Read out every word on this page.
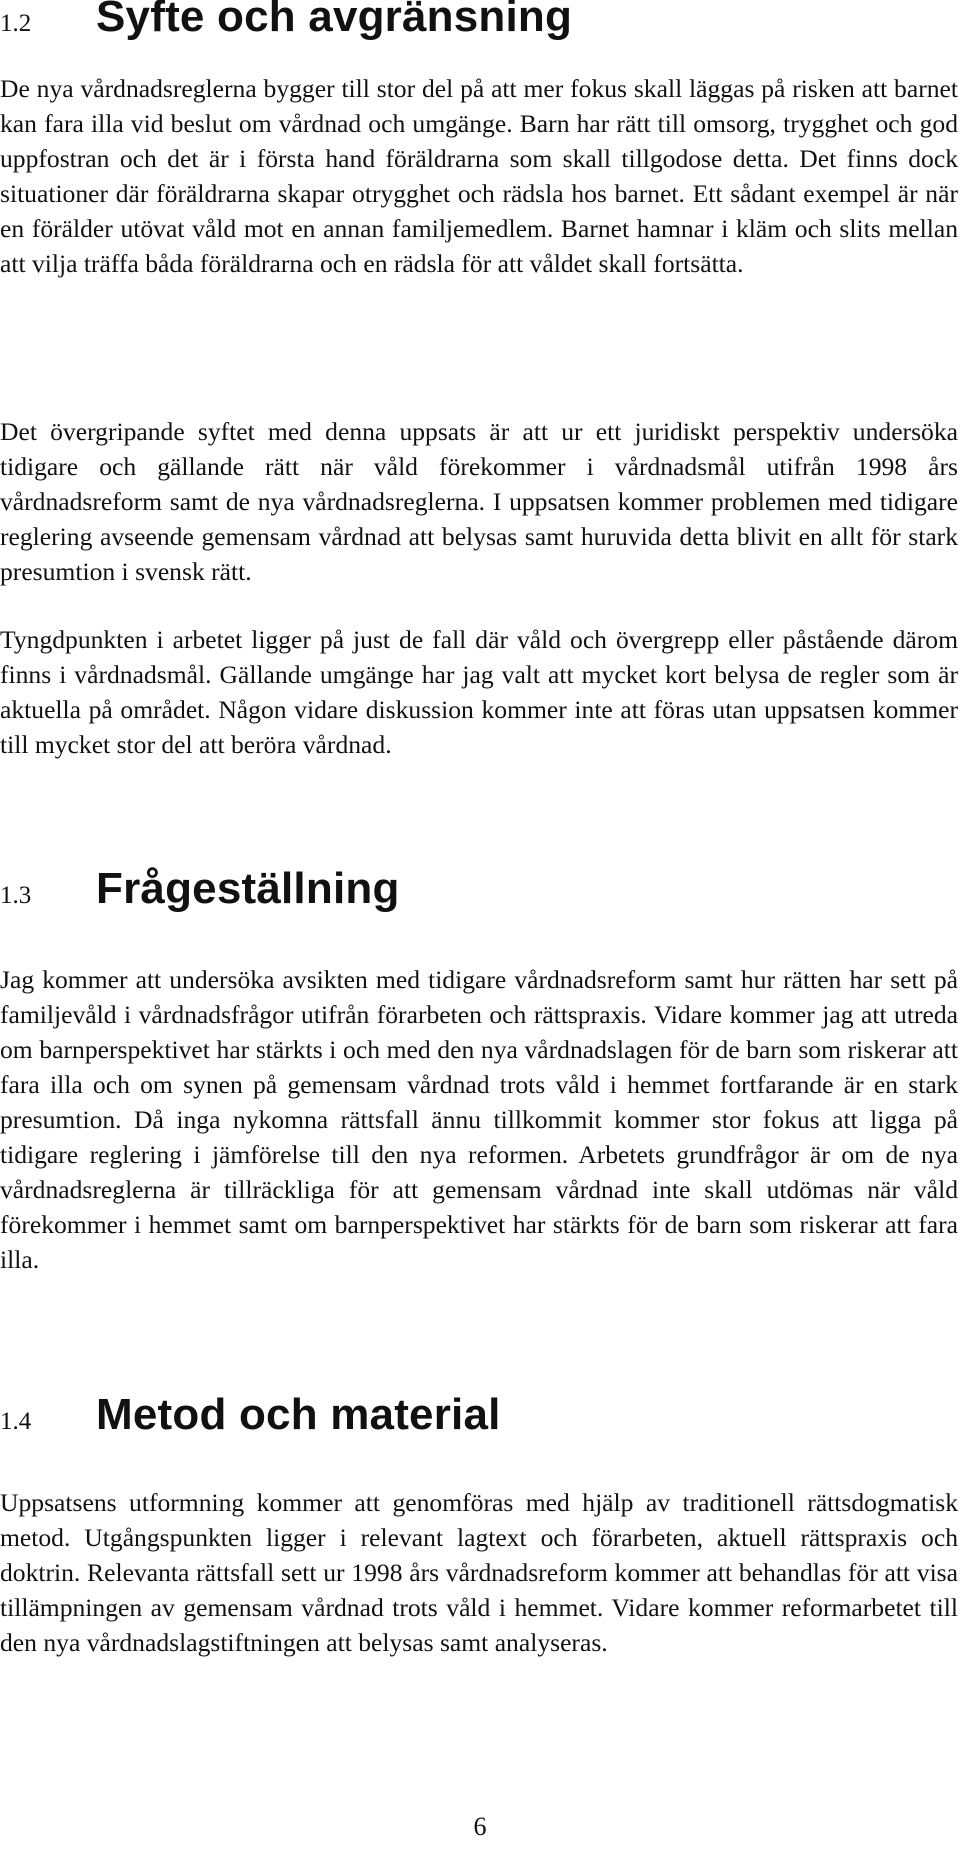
1.2	Syfte och avgränsning

De nya vårdnadsreglerna bygger till stor del på att mer fokus skall läggas på risken att barnet kan fara illa vid beslut om vårdnad och umgänge. Barn har rätt till omsorg, trygghet och god uppfostran och det är i första hand föräldrarna som skall tillgodose detta. Det finns dock situationer där föräldrarna skapar otrygghet och rädsla hos barnet. Ett sådant exempel är när en förälder utövat våld mot en annan familjemedlem. Barnet hamnar i kläm och slits mellan att vilja träffa båda föräldrarna och en rädsla för att våldet skall fortsätta.

Det övergripande syftet med denna uppsats är att ur ett juridiskt perspektiv undersöka tidigare och gällande rätt när våld förekommer i vårdnadsmål utifrån 1998 års vårdnadsreform samt de nya vårdnadsreglerna. I uppsatsen kommer problemen med tidigare reglering avseende gemensam vårdnad att belysas samt huruvida detta blivit en allt för stark presumtion i svensk rätt.

Tyngdpunkten i arbetet ligger på just de fall där våld och övergrepp eller påstående därom finns i vårdnadsmål. Gällande umgänge har jag valt att mycket kort belysa de regler som är aktuella på området. Någon vidare diskussion kommer inte att föras utan uppsatsen kommer till mycket stor del att beröra vårdnad.

1.3	Frågeställning

Jag kommer att undersöka avsikten med tidigare vårdnadsreform samt hur rätten har sett på familjevåld i vårdnadsfrågor utifrån förarbeten och rättspraxis. Vidare kommer jag att utreda om barnperspektivet har stärkts i och med den nya vårdnadslagen för de barn som riskerar att fara illa och om synen på gemensam vårdnad trots våld i hemmet fortfarande är en stark presumtion. Då inga nykomna rättsfall ännu tillkommit kommer stor fokus att ligga på tidigare reglering i jämförelse till den nya reformen. Arbetets grundfrågor är om de nya vårdnadsreglerna är tillräckliga för att gemensam vårdnad inte skall utdömas när våld förekommer i hemmet samt om barnperspektivet har stärkts för de barn som riskerar att fara illa.

1.4	Metod och material

Uppsatsens utformning kommer att genomföras med hjälp av traditionell rättsdogmatisk metod. Utgångspunkten ligger i relevant lagtext och förarbeten, aktuell rättspraxis och doktrin. Relevanta rättsfall sett ur 1998 års vårdnadsreform kommer att behandlas för att visa tillämpningen av gemensam vårdnad trots våld i hemmet. Vidare kommer reformarbetet till den nya vårdnadslagstiftningen att belysas samt analyseras.

6
